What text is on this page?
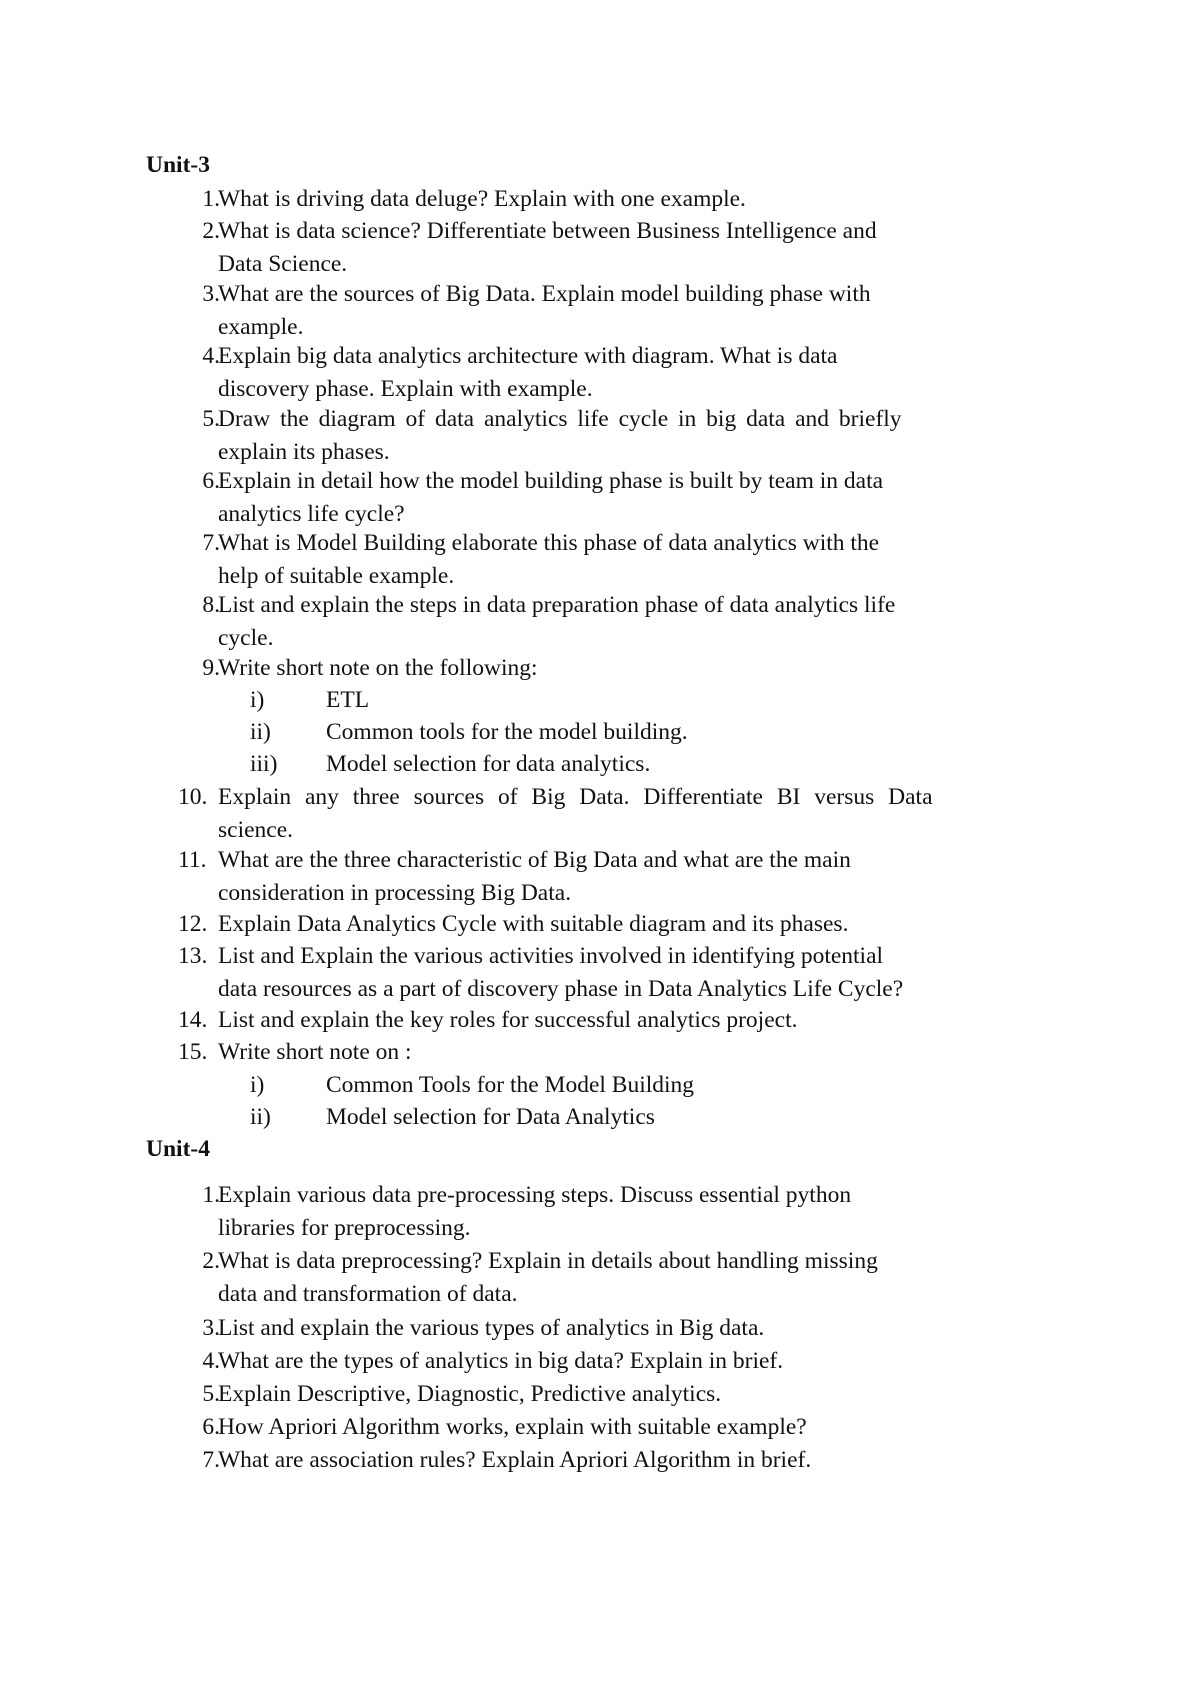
Unit-3
1.
What is driving data deluge? Explain with one example.
2.
What is data science? Differentiate between Business Intelligence and
Data Science.
3.
What are the sources of Big Data. Explain model building phase with
example.
4.
Explain big data analytics architecture with diagram. What is data
discovery phase. Explain with example.
5.
Draw the diagram of data analytics life cycle in big data and briefly
explain its phases.
6.
Explain in detail how the model building phase is built by team in data
analytics life cycle?
7.
What is Model Building elaborate this phase of data analytics with the
help of suitable example.
8.
List and explain the steps in data preparation phase of data analytics life
cycle.
9.
Write short note on the following:
i)	ETL
ii)	Common tools for the model building.
iii)	Model selection for data analytics.
10. Explain any three sources of Big Data. Differentiate BI versus Data
science.
11. What are the three characteristic of Big Data and what are the main
consideration in processing Big Data.
12. Explain Data Analytics Cycle with suitable diagram and its phases.
13. List and Explain the various activities involved in identifying potential
data resources as a part of discovery phase in Data Analytics Life Cycle?
14. List and explain the key roles for successful analytics project.
15. Write short note on :
i)	Common Tools for the Model Building
ii)	Model selection for Data Analytics
Unit-4
1.
Explain various data pre-processing steps. Discuss essential python
libraries for preprocessing.
2.
What is data preprocessing? Explain in details about handling missing
data and transformation of data.
3.
List and explain the various types of analytics in Big data.
4.
What are the types of analytics in big data? Explain in brief.
5.
Explain Descriptive, Diagnostic, Predictive analytics.
6.
How Apriori Algorithm works, explain with suitable example?
7.
What are association rules? Explain Apriori Algorithm in brief.
